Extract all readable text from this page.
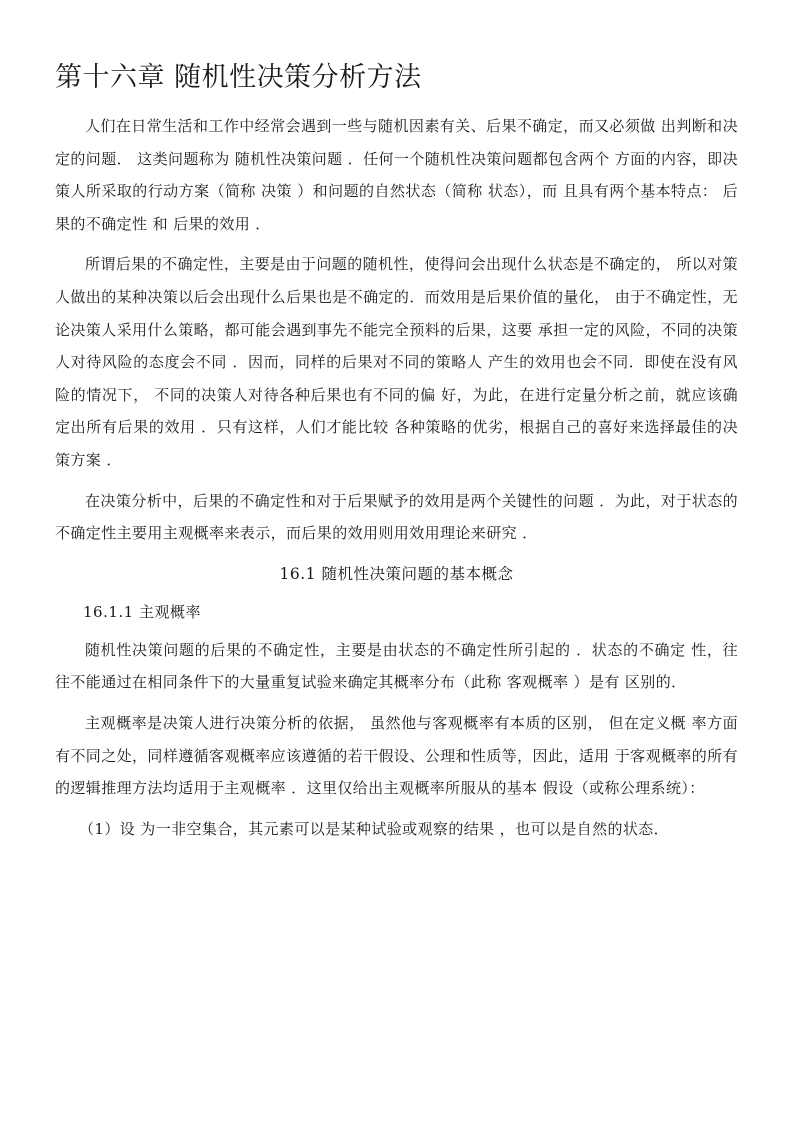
第十六章 随机性决策分析方法

人们在日常生活和工作中经常会遇到一些与随机因素有关、后果不确定，而又必须做 出判断和决定的问题． 这类问题称为 随机性决策问题 ．任何一个随机性决策问题都包含两个 方面的内容，即决策人所采取的行动方案（简称 决策 ）和问题的自然状态（简称 状态），而 且具有两个基本特点： 后果的不确定性 和 后果的效用 ．

所谓后果的不确定性，主要是由于问题的随机性，使得问会出现什么状态是不确定的， 所以对策人做出的某种决策以后会出现什么后果也是不确定的．而效用是后果价值的量化， 由于不确定性，无论决策人采用什么策略，都可能会遇到事先不能完全预料的后果，这要 承担一定的风险，不同的决策人对待风险的态度会不同 ．因而，同样的后果对不同的策略人 产生的效用也会不同．即使在没有风险的情况下， 不同的决策人对待各种后果也有不同的偏 好，为此，在进行定量分析之前，就应该确定出所有后果的效用 ．只有这样，人们才能比较 各种策略的优劣，根据自己的喜好来选择最佳的决策方案 ．

在决策分析中，后果的不确定性和对于后果赋予的效用是两个关键性的问题 ．为此，对于状态的不确定性主要用主观概率来表示，而后果的效用则用效用理论来研究 ．

16.1 随机性决策问题的基本概念
16.1.1 主观概率

随机性决策问题的后果的不确定性，主要是由状态的不确定性所引起的 ．状态的不确定 性，往往不能通过在相同条件下的大量重复试验来确定其概率分布（此称 客观概率 ）是有 区别的．

主观概率是决策人进行决策分析的依据， 虽然他与客观概率有本质的区别， 但在定义概 率方面有不同之处，同样遵循客观概率应该遵循的若干假设、公理和性质等，因此，适用 于客观概率的所有的逻辑推理方法均适用于主观概率 ．这里仅给出主观概率所服从的基本 假设（或称公理系统）：

（1）设 为一非空集合，其元素可以是某种试验或观察的结果 ，也可以是自然的状态．
